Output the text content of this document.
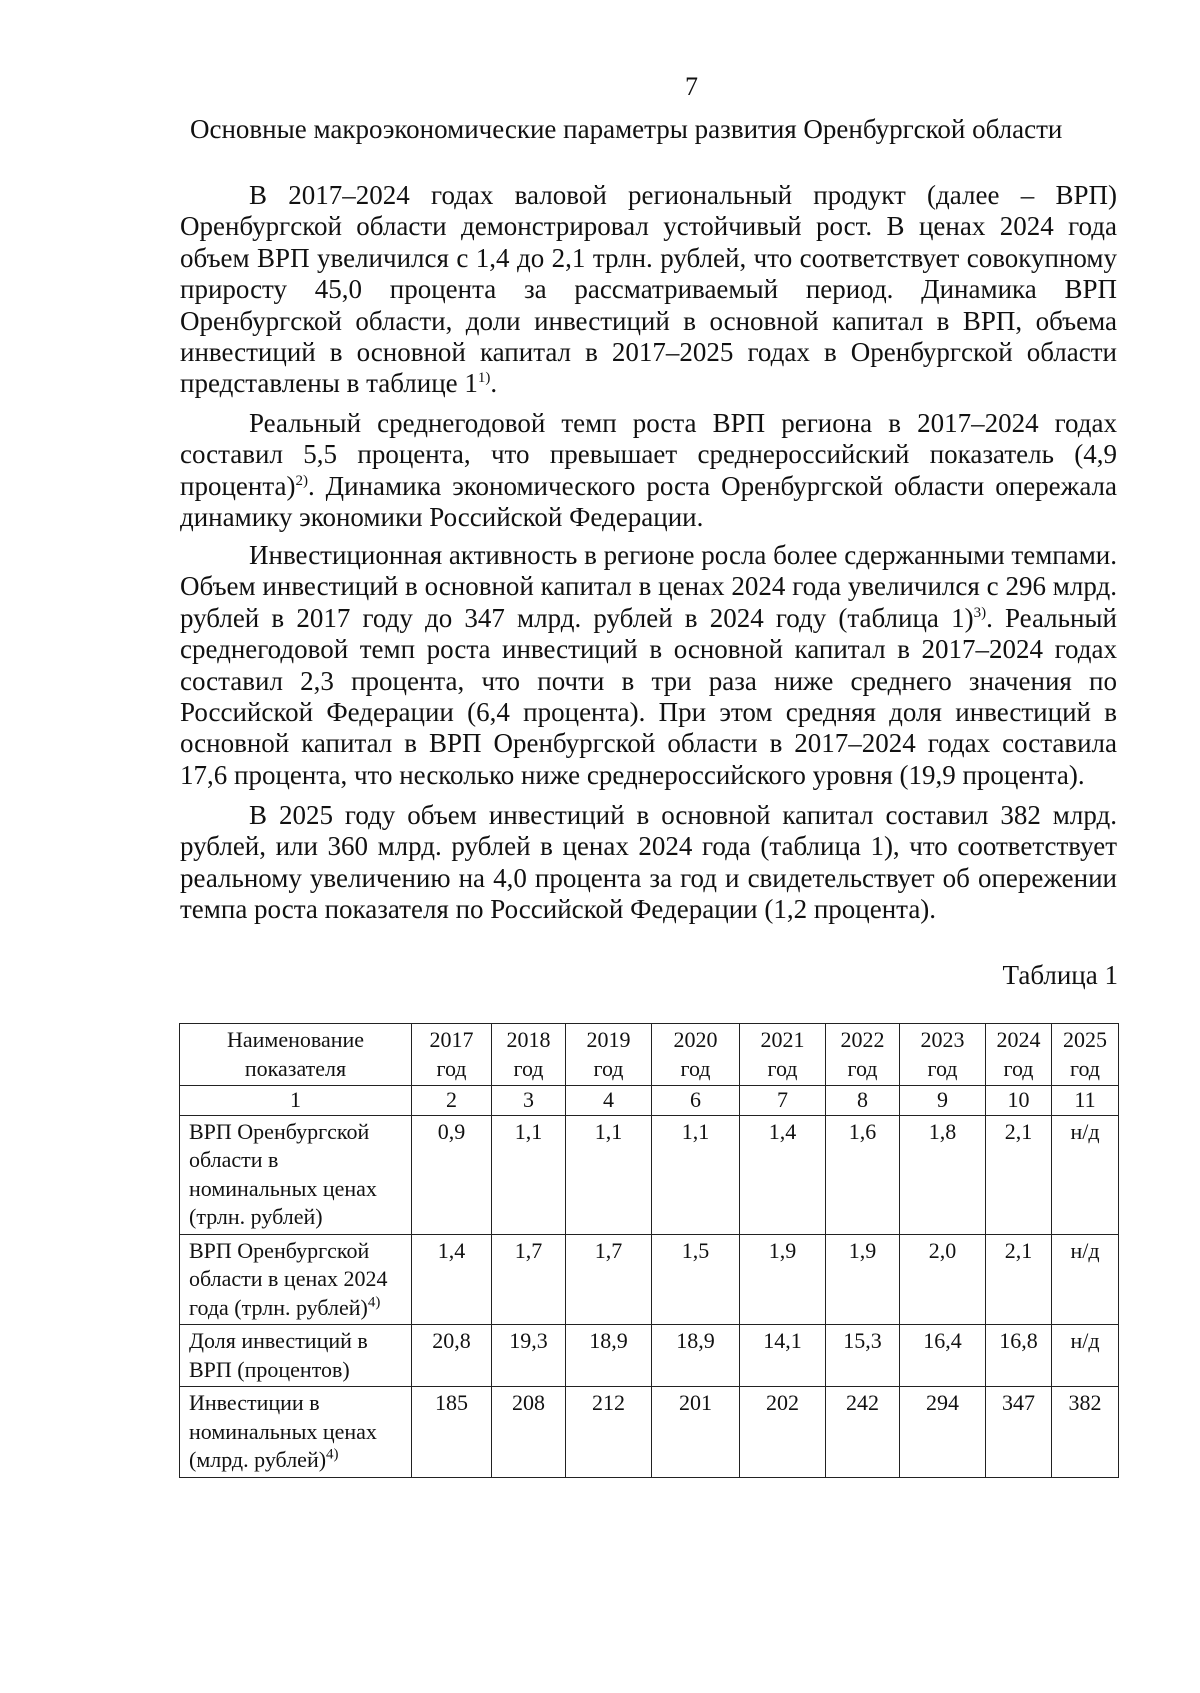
7
Основные макроэкономические параметры развития Оренбургской области

В 2017–2024 годах валовой региональный продукт (далее – ВРП) Оренбургской области демонстрировал устойчивый рост. В ценах 2024 года объем ВРП увеличился с 1,4 до 2,1 трлн. рублей, что соответствует совокупному приросту 45,0 процента за рассматриваемый период. Динамика ВРП Оренбургской области, доли инвестиций в основной капитал в ВРП, объема инвестиций в основной капитал в 2017–2025 годах в Оренбургской области представлены в таблице 1$^{1)}$.

Реальный среднегодовой темп роста ВРП региона в 2017–2024 годах составил 5,5 процента, что превышает среднероссийский показатель (4,9 процента)$^{2)}$. Динамика экономического роста Оренбургской области опережала динамику экономики Российской Федерации.

Инвестиционная активность в регионе росла более сдержанными темпами. Объем инвестиций в основной капитал в ценах 2024 года увеличился с 296 млрд. рублей в 2017 году до 347 млрд. рублей в 2024 году (таблица 1)$^{3)}$. Реальный среднегодовой темп роста инвестиций в основной капитал в 2017–2024 годах составил 2,3 процента, что почти в три раза ниже среднего значения по Российской Федерации (6,4 процента). При этом средняя доля инвестиций в основной капитал в ВРП Оренбургской области в 2017–2024 годах составила 17,6 процента, что несколько ниже среднероссийского уровня (19,9 процента).

В 2025 году объем инвестиций в основной капитал составил 382 млрд. рублей, или 360 млрд. рублей в ценах 2024 года (таблица 1), что соответствует реальному увеличению на 4,0 процента за год и свидетельствует об опережении темпа роста показателя по Российской Федерации (1,2 процента).

Таблица 1
Наименование показателя	2017 год	2018 год	2019 год	2020 год	2021 год	2022 год	2023 год	2024 год	2025 год
1	2	3	4	6	7	8	9	10	11
ВРП Оренбургской области в номинальных ценах (трлн. рублей)	0,9	1,1	1,1	1,1	1,4	1,6	1,8	2,1	н/д
ВРП Оренбургской области в ценах 2024 года (трлн. рублей)$^{4)}$	1,4	1,7	1,7	1,5	1,9	1,9	2,0	2,1	н/д
Доля инвестиций в ВРП (процентов)	20,8	19,3	18,9	18,9	14,1	15,3	16,4	16,8	н/д
Инвестиции в номинальных ценах (млрд. рублей)$^{4)}$	185	208	212	201	202	242	294	347	382
